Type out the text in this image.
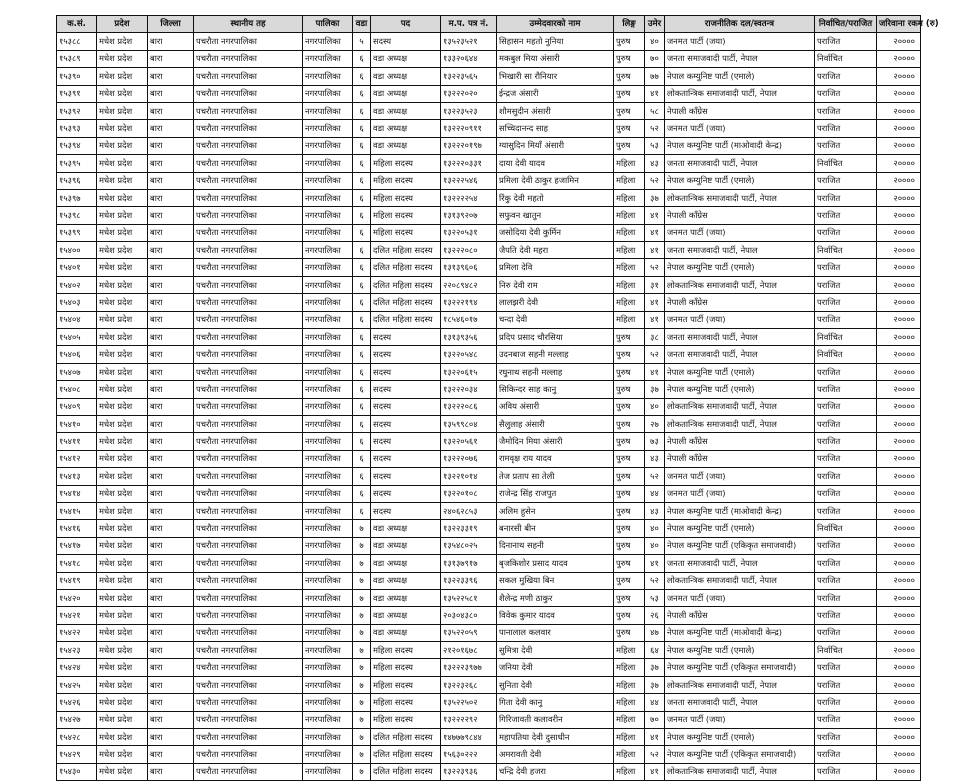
क.सं.	प्रदेश	जिल्ला	स्थानीय तह	पालिका	वडा	पद	म.प. पत्र नं.	उम्मेदवारको नाम	लिङ्ग	उमेर	राजनीतिक दल/स्वतन्त्र	निर्वाचित/पराजित	जरिवाना रकम (रु)
१५३८८	मधेश प्रदेश	बारा	पचरौता नगरपालिका	नगरपालिका	५	सदस्य	१३५२३५२१	सिहासन महतो नुनिया	पुरुष	४०	जनमत पार्टी (जया)	पराजित	२००००
१५३८९	मधेश प्रदेश	बारा	पचरौता नगरपालिका	नगरपालिका	६	वडा अध्यक्ष	१३३२०६४४	मकबुल मिया अंसारी	पुरुष	७०	जनता समाजवादी पार्टी, नेपाल	निर्वाचित	२००००
१५३९०	मधेश प्रदेश	बारा	पचरौता नगरपालिका	नगरपालिका	६	वडा अध्यक्ष	१३२२३५६५	भिखारी सा रौनियार	पुरुष	७७	नेपाल कम्युनिष्ट पार्टी (एमाले)	पराजित	२००००
१५३९१	मधेश प्रदेश	बारा	पचरौता नगरपालिका	नगरपालिका	६	वडा अध्यक्ष	१३२२२०२०	ईन्द्रज अंसारी	पुरुष	४१	लोकतान्त्रिक समाजवादी पार्टी, नेपाल	पराजित	२००००
१५३९२	मधेश प्रदेश	बारा	पचरौता नगरपालिका	नगरपालिका	६	वडा अध्यक्ष	१३२२३५२३	शौमसुदीन अंसारी	पुरुष	५८	नेपाली काँग्रेस	पराजित	२००००
१५३९३	मधेश प्रदेश	बारा	पचरौता नगरपालिका	नगरपालिका	६	वडा अध्यक्ष	१३२२२०९११	सच्चिदानन्द साह	पुरुष	५२	जनमत पार्टी (जया)	पराजित	२००००
१५३९४	मधेश प्रदेश	बारा	पचरौता नगरपालिका	नगरपालिका	६	वडा अध्यक्ष	१३२२२०१९७	ग्यासुदिन मियाँ अंसारी	पुरुष	५३	नेपाल कम्युनिष्ट पार्टी (माओवादी केन्द्र)	पराजित	२००००
१५३९५	मधेश प्रदेश	बारा	पचरौता नगरपालिका	नगरपालिका	६	महिला सदस्य	१३२२२०३३१	दाया देवी यादव	महिला	४३	जनता समाजवादी पार्टी, नेपाल	निर्वाचित	२००००
१५३९६	मधेश प्रदेश	बारा	पचरौता नगरपालिका	नगरपालिका	६	महिला सदस्य	१३२२२५४६	प्रमिला देवी ठाकुर हजामिन	महिला	५२	नेपाल कम्युनिष्ट पार्टी (एमाले)	पराजित	२००००
१५३९७	मधेश प्रदेश	बारा	पचरौता नगरपालिका	नगरपालिका	६	महिला सदस्य	१३२२२२५४	रिंकु देवी महतो	महिला	३७	लोकतान्त्रिक समाजवादी पार्टी, नेपाल	पराजित	२००००
१५३९८	मधेश प्रदेश	बारा	पचरौता नगरपालिका	नगरपालिका	६	महिला सदस्य	१३१३९२०७	सफुवन खातुन	महिला	४१	नेपाली काँग्रेस	पराजित	२००००
१५३९९	मधेश प्रदेश	बारा	पचरौता नगरपालिका	नगरपालिका	६	महिला सदस्य	१३२२०५३१	जसोदिया देवी कुर्मिन	महिला	४१	जनमत पार्टी (जया)	पराजित	२००००
१५४००	मधेश प्रदेश	बारा	पचरौता नगरपालिका	नगरपालिका	६	दलित महिला सदस्य	१३२२२०८०	जैपति देवी महरा	महिला	४१	जनता समाजवादी पार्टी, नेपाल	निर्वाचित	२००००
१५४०१	मधेश प्रदेश	बारा	पचरौता नगरपालिका	नगरपालिका	६	दलित महिला सदस्य	१३१३९६०६	प्रमिला देवि	महिला	५२	नेपाल कम्युनिष्ट पार्टी (एमाले)	पराजित	२००००
१५४०२	मधेश प्रदेश	बारा	पचरौता नगरपालिका	नगरपालिका	६	दलित महिला सदस्य	२२०८९४८२	निरु देवी राम	महिला	३१	लोकतान्त्रिक समाजवादी पार्टी, नेपाल	पराजित	२००००
१५४०३	मधेश प्रदेश	बारा	पचरौता नगरपालिका	नगरपालिका	६	दलित महिला सदस्य	१३२२२१९४	लालझरी देवी	महिला	४१	नेपाली काँग्रेस	पराजित	२००००
१५४०४	मधेश प्रदेश	बारा	पचरौता नगरपालिका	नगरपालिका	६	दलित महिला सदस्य	१८५४६०१७	चन्दा देवी	महिला	४१	जनमत पार्टी (जया)	पराजित	२००००
१५४०५	मधेश प्रदेश	बारा	पचरौता नगरपालिका	नगरपालिका	६	सदस्य	१३१३९३५६	प्रदिप प्रसाद चौरसिया	पुरुष	३८	जनता समाजवादी पार्टी, नेपाल	निर्वाचित	२००००
१५४०६	मधेश प्रदेश	बारा	पचरौता नगरपालिका	नगरपालिका	६	सदस्य	१३२२०५४८	उदनबाज सहनी मल्लाह	पुरुष	५२	जनता समाजवादी पार्टी, नेपाल	निर्वाचित	२००००
१५४०७	मधेश प्रदेश	बारा	पचरौता नगरपालिका	नगरपालिका	६	सदस्य	१३२२०६१५	रघुनाथ सहनी मल्लाह	पुरुष	४१	नेपाल कम्युनिष्ट पार्टी (एमाले)	पराजित	२००००
१५४०८	मधेश प्रदेश	बारा	पचरौता नगरपालिका	नगरपालिका	६	सदस्य	१३२२२०३४	सिकिन्दर साह कानु	पुरुष	३७	नेपाल कम्युनिष्ट पार्टी (एमाले)	पराजित	२००००
१५४०९	मधेश प्रदेश	बारा	पचरौता नगरपालिका	नगरपालिका	६	सदस्य	१३२२२०८६	अविय अंसारी	पुरुष	४०	लोकतान्त्रिक समाजवादी पार्टी, नेपाल	पराजित	२००००
१५४१०	मधेश प्रदेश	बारा	पचरौता नगरपालिका	नगरपालिका	६	सदस्य	१३५९९८०४	सैलुलाह अंसारी	पुरुष	२७	लोकतान्त्रिक समाजवादी पार्टी, नेपाल	पराजित	२००००
१५४११	मधेश प्रदेश	बारा	पचरौता नगरपालिका	नगरपालिका	६	सदस्य	१३२२०५६१	जैमोदिन मिया अंसारी	पुरुष	७३	नेपाली काँग्रेस	पराजित	२००००
१५४१२	मधेश प्रदेश	बारा	पचरौता नगरपालिका	नगरपालिका	६	सदस्य	१३२२२०७६	रामवृक्ष राय यादव	पुरुष	४३	नेपाली काँग्रेस	पराजित	२००००
१५४१३	मधेश प्रदेश	बारा	पचरौता नगरपालिका	नगरपालिका	६	सदस्य	१३२२१०१४	तेज प्रताप सा तेली	पुरुष	५२	जनमत पार्टी (जया)	पराजित	२००००
१५४१४	मधेश प्रदेश	बारा	पचरौता नगरपालिका	नगरपालिका	६	सदस्य	१३२२०१०८	राजेन्द्र सिंह राजपुत	पुरुष	४४	जनमत पार्टी (जया)	पराजित	२००००
१५४१५	मधेश प्रदेश	बारा	पचरौता नगरपालिका	नगरपालिका	६	सदस्य	२४०६२८५३	अलिम हुसेन	पुरुष	४३	नेपाल कम्युनिष्ट पार्टी (माओवादी केन्द्र)	पराजित	२००००
१५४१६	मधेश प्रदेश	बारा	पचरौता नगरपालिका	नगरपालिका	७	वडा अध्यक्ष	१३२२३३१९	बनारसी बीन	पुरुष	४०	नेपाल कम्युनिष्ट पार्टी (एमाले)	निर्वाचित	२००००
१५४१७	मधेश प्रदेश	बारा	पचरौता नगरपालिका	नगरपालिका	७	वडा अध्यक्ष	१३५४८०२५	दिनानाथ सहनी	पुरुष	४०	नेपाल कम्युनिष्ट पार्टी (एकिकृत समाजवादी)	पराजित	२००००
१५४१८	मधेश प्रदेश	बारा	पचरौता नगरपालिका	नगरपालिका	७	वडा अध्यक्ष	१३१३७९१७	बृजकिशोर प्रसाद यादव	पुरुष	४१	जनता समाजवादी पार्टी, नेपाल	पराजित	२००००
१५४१९	मधेश प्रदेश	बारा	पचरौता नगरपालिका	नगरपालिका	७	वडा अध्यक्ष	१३२२३३९६	सकल मुखिया बिन	पुरुष	५२	लोकतान्त्रिक समाजवादी पार्टी, नेपाल	पराजित	२००००
१५४२०	मधेश प्रदेश	बारा	पचरौता नगरपालिका	नगरपालिका	७	वडा अध्यक्ष	१३५२२५८१	शैलेन्द्र मणी ठाकुर	पुरुष	५३	जनमत पार्टी (जया)	पराजित	२००००
१५४२१	मधेश प्रदेश	बारा	पचरौता नगरपालिका	नगरपालिका	७	वडा अध्यक्ष	२०३०४३८०	विवेक कुमार यादव	पुरुष	२६	नेपाली काँग्रेस	पराजित	२००००
१५४२२	मधेश प्रदेश	बारा	पचरौता नगरपालिका	नगरपालिका	७	वडा अध्यक्ष	१३५२२०५९	पानालाल कलवार	पुरुष	४७	नेपाल कम्युनिष्ट पार्टी (माओवादी केन्द्र)	पराजित	२००००
१५४२३	मधेश प्रदेश	बारा	पचरौता नगरपालिका	नगरपालिका	७	महिला सदस्य	२१२०१६७८	सुमित्रा देवी	महिला	६४	नेपाल कम्युनिष्ट पार्टी (एमाले)	निर्वाचित	२००००
१५४२४	मधेश प्रदेश	बारा	पचरौता नगरपालिका	नगरपालिका	७	महिला सदस्य	१३२२२३९७७	जनिया देवी	महिला	३७	नेपाल कम्युनिष्ट पार्टी (एकिकृत समाजवादी)	पराजित	२००००
१५४२५	मधेश प्रदेश	बारा	पचरौता नगरपालिका	नगरपालिका	७	महिला सदस्य	१३२२३२६८	सुनिता देवी	महिला	३७	लोकतान्त्रिक समाजवादी पार्टी, नेपाल	पराजित	२००००
१५४२६	मधेश प्रदेश	बारा	पचरौता नगरपालिका	नगरपालिका	७	महिला सदस्य	१३५२२५०२	गिता देवी कानु	महिला	४४	जनता समाजवादी पार्टी, नेपाल	पराजित	२००००
१५४२७	मधेश प्रदेश	बारा	पचरौता नगरपालिका	नगरपालिका	७	महिला सदस्य	१३२२२२९२	गिरिजावती कलावरीन	महिला	७०	जनमत पार्टी (जया)	पराजित	२००००
१५४२८	मधेश प्रदेश	बारा	पचरौता नगरपालिका	नगरपालिका	७	दलित महिला सदस्य	१४७७७९८४४	महापतिया देवी दुसाधीन	महिला	४१	नेपाल कम्युनिष्ट पार्टी (एमाले)	पराजित	२००००
१५४२९	मधेश प्रदेश	बारा	पचरौता नगरपालिका	नगरपालिका	७	दलित महिला सदस्य	१५६३०२२२	अमरावती देवी	महिला	५२	नेपाल कम्युनिष्ट पार्टी (एकिकृत समाजवादी)	पराजित	२००००
१५४३०	मधेश प्रदेश	बारा	पचरौता नगरपालिका	नगरपालिका	७	दलित महिला सदस्य	१३२२३९३६	चन्द्रि देवी हजरा	महिला	४१	लोकतान्त्रिक समाजवादी पार्टी, नेपाल	पराजित	२००००
